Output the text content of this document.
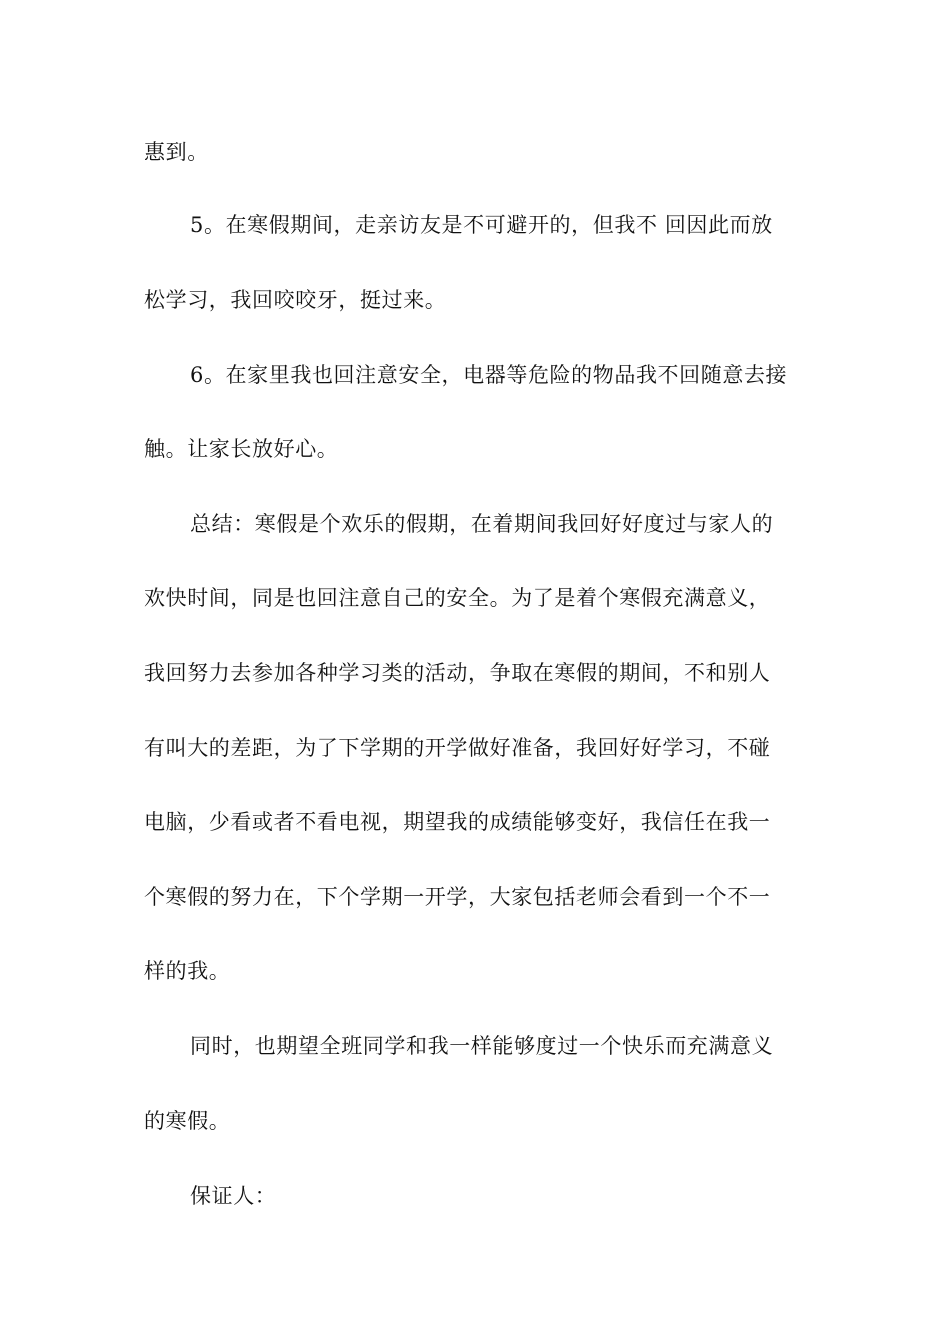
惠到。
5。在寒假期间，走亲访友是不可避开的，但我不 回因此而放
松学习，我回咬咬牙，挺过来。
6。在家里我也回注意安全，电器等危险的物品我不回随意去接
触。让家长放好心。
总结：寒假是个欢乐的假期，在着期间我回好好度过与家人的
欢快时间，同是也回注意自己的安全。为了是着个寒假充满意义，
我回努力去参加各种学习类的活动，争取在寒假的期间，不和别人
有叫大的差距，为了下学期的开学做好准备，我回好好学习，不碰
电脑，少看或者不看电视，期望我的成绩能够变好，我信任在我一
个寒假的努力在，下个学期一开学，大家包括老师会看到一个不一
样的我。
同时，也期望全班同学和我一样能够度过一个快乐而充满意义
的寒假。
保证人：
